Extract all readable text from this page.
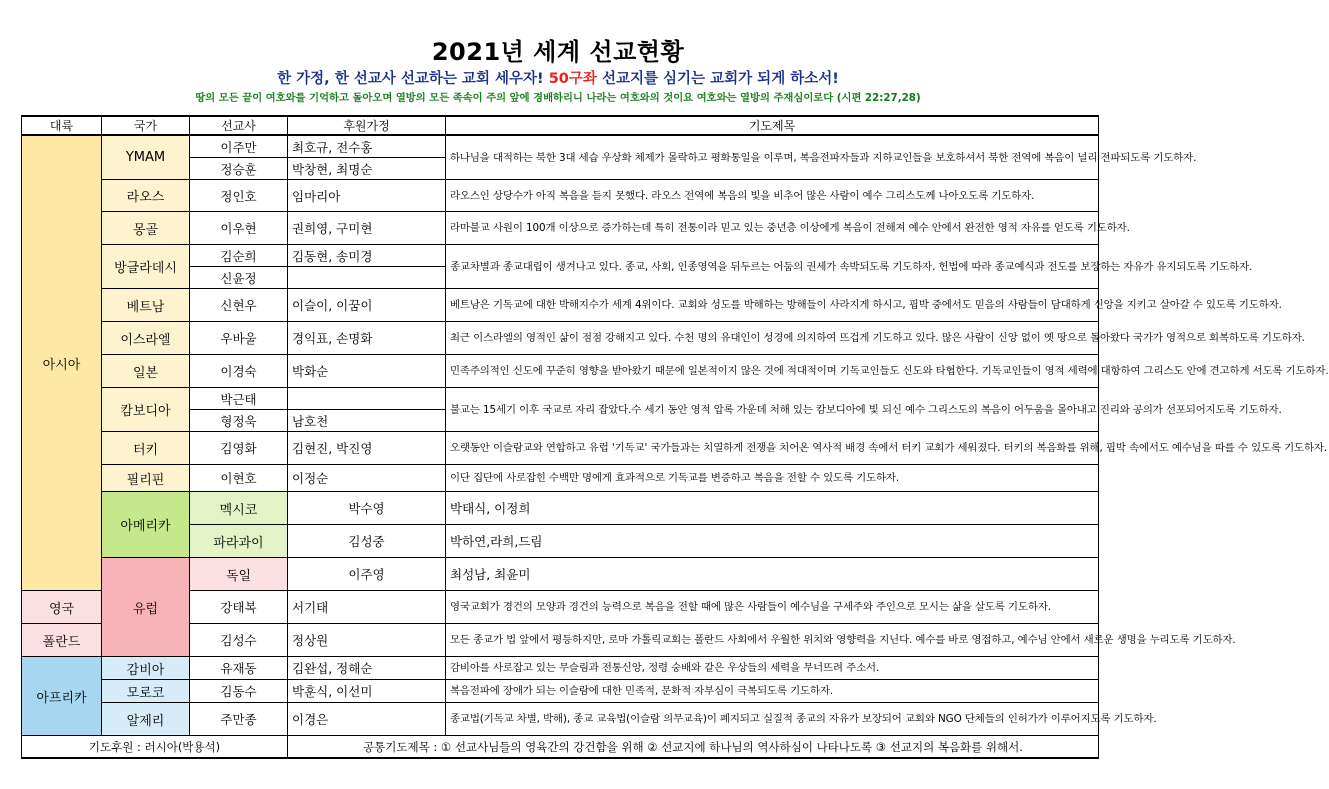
2021년 세계 선교현황
한 가정, 한 선교사 선교하는 교회 세우자! 50구좌 선교지를 심기는 교회가 되게 하소서!
땅의 모든 끝이 여호와를 기억하고 돌아오며 열방의 모든 족속이 주의 앞에 경배하리니 나라는 여호와의 것이요 여호와는 열방의 주재심이로다 (시편 22:27,28)
대륙	국가	선교사	후원가정	기도제목	
아시아	YMAM	이주만	최호규, 전수홍	하나님을 대적하는 북한 3대 세습 우상화 체제가 몰락하고 평화통일을 이루며, 복음전파자들과 지하교인들을 보호하셔서 북한 전역에 복음이 널리 전파되도록 기도하자.	
		정승훈	박창현, 최명순		
	라오스	정인호	임마리아	라오스인 상당수가 아직 복음을 듣지 못했다. 라오스 전역에 복음의 빛을 비추어 많은 사람이 예수 그리스도께 나아오도록 기도하자.	
	몽골	이우현	권희영, 구미현	라마불교 사원이 100개 이상으로 증가하는데 특히 전통이라 믿고 있는 중년층 이상에게 복음이 전해져 예수 안에서 완전한 영적 자유를 얻도록 기도하자.	
	방글라데시	김순희	김동현, 송미경	종교차별과 종교대립이 생겨나고 있다. 종교, 사회, 인종영역을 뒤두르는 어둠의 권세가 속박되도록 기도하자. 헌법에 따라 종교예식과 전도를 보장하는 자유가 유지되도록 기도하자.	
		신윤정			
	베트남	신현우	이슬이, 이꿈이	베트남은 기독교에 대한 박해지수가 세계 4위이다. 교회와 성도를 박해하는 방해들이 사라지게 하시고, 핍박 중에서도 믿음의 사람들이 담대하게 신앙을 지키고 살아갈 수 있도록 기도하자.	
	이스라엘	우바울	경익표, 손명화	최근 이스라엘의 영적인 삶이 점점 강해지고 있다. 수천 명의 유대인이 성경에 의지하여 뜨겁게 기도하고 있다. 많은 사람이 신앙 없이 옛 땅으로 돌아왔다 국가가 영적으로 회복하도록 기도하자.	
	일본	이경숙	박화순	민족주의적인 신도에 꾸준히 영향을 받아왔기 때문에 일본적이지 않은 것에 적대적이며 기독교인들도 신도와 타협한다. 기독교인들이 영적 세력에 대항하여 그리스도 안에 견고하게 서도록 기도하자.	
	캄보디아	박근태		불교는 15세기 이후 국교로 자리 잡았다.수 세기 동안 영적 압록 가운데 처해 있는 캄보디아에 빛 되신 예수 그리스도의 복음이 어두움을 몰아내고 진리와 공의가 선포되어지도록 기도하자.	
		형정욱	남호천		
	터키	김영화	김현진, 박진영	오랫동안 이슬람교와 연합하고 유럽 '기독교' 국가들과는 치열하게 전쟁을 치어온 역사적 배경 속에서 터키 교회가 세워졌다. 터키의 복음화를 위해, 핍박 속에서도 예수님을 따를 수 있도록 기도하자.	
	필리핀	이현호	이정순	이단 집단에 사로잡힌 수백만 명에게 효과적으로 기독교를 변증하고 복음을 전할 수 있도록 기도하자.	
	아메리카	멕시코	박수영	박태식, 이정희	
		파라과이	김성중	박하연,라희,드림	
	유럽	독일	이주영	최성남, 최윤미	
영국		강태복	서기태	영국교회가 경건의 모양과 경건의 능력으로 복음을 전할 때에 많은 사람들이 예수님을 구세주와 주인으로 모시는 삶을 살도록 기도하자.	
폴란드		김성수	정상원	모든 종교가 법 앞에서 평등하지만, 로마 가톨릭교회는 폴란드 사회에서 우월한 위치와 영향력을 지닌다. 예수를 바로 영접하고, 예수님 안에서 새로운 생명을 누리도록 기도하자.	
아프리카	감비아	유재동	김완섭, 정해순	감비아를 사로잡고 있는 무슬림과 전통신앙, 정령 숭배와 같은 우상들의 세력을 무너뜨려 주소서.	
	모로코	김동수	박훈식, 이선미	복음전파에 장애가 되는 이슬람에 대한 민족적, 문화적 자부심이 극복되도록 기도하자.	
	알제리	주만종	이경은	종교법(기독교 차별, 박해), 종교 교육법(이슬람 의무교육)이 폐지되고 실질적 종교의 자유가 보장되어 교회와 NGO 단체들의 인허가가 이루어지도록 기도하자.	
기도후원 : 러시아(박용석)			공통기도제목 : ① 선교사님들의 영육간의 강건함을 위해 ② 선교지에 하나님의 역사하심이 나타나도록 ③ 선교지의 복음화를 위해서.		
